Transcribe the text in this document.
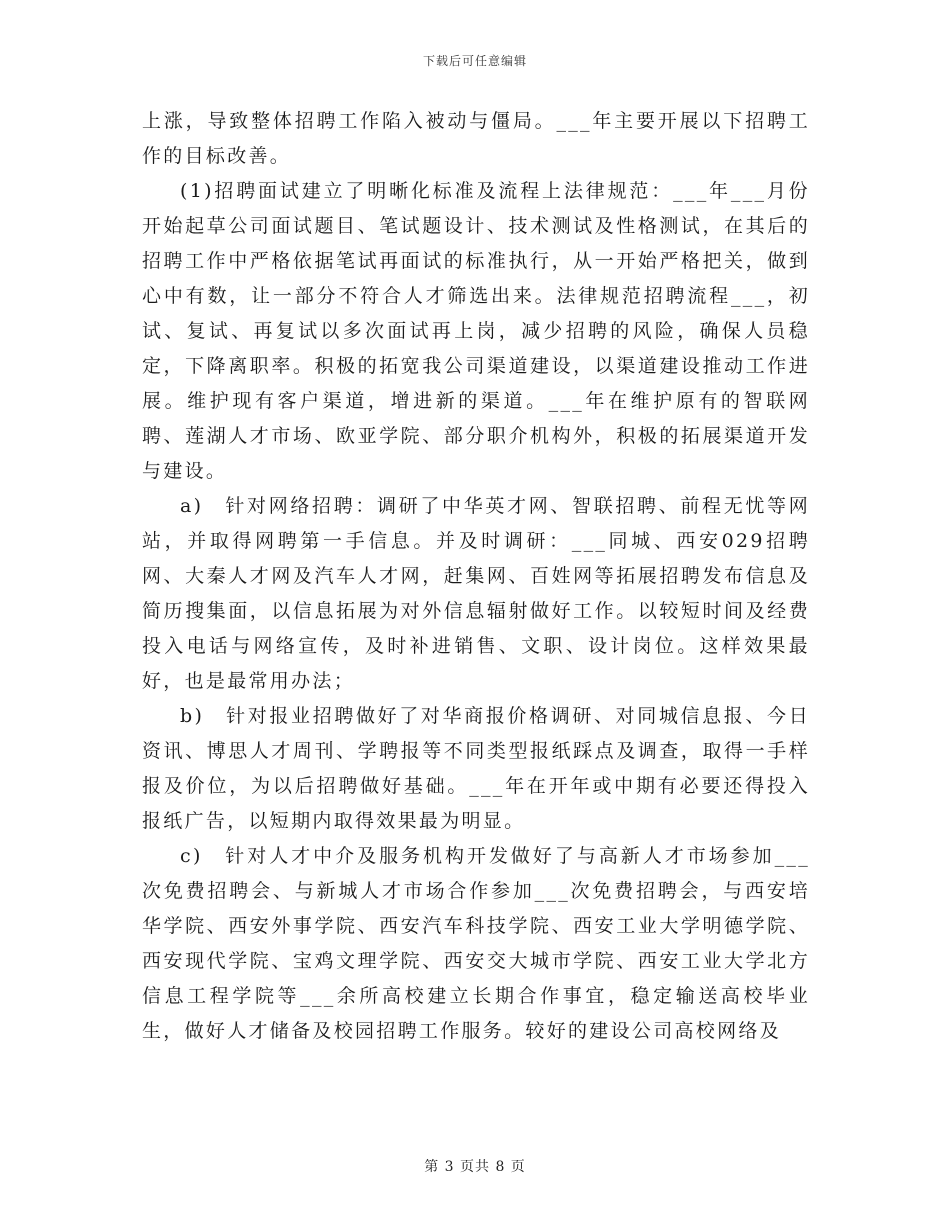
下载后可任意编辑

上涨，导致整体招聘工作陷入被动与僵局。___年主要开展以下招聘工作的目标改善。

(1)招聘面试建立了明晰化标准及流程上法律规范：___年___月份开始起草公司面试题目、笔试题设计、技术测试及性格测试，在其后的招聘工作中严格依据笔试再面试的标准执行，从一开始严格把关，做到心中有数，让一部分不符合人才筛选出来。法律规范招聘流程___，初试、复试、再复试以多次面试再上岗，减少招聘的风险，确保人员稳定，下降离职率。积极的拓宽我公司渠道建设，以渠道建设推动工作进展。维护现有客户渠道，增进新的渠道。___年在维护原有的智联网聘、莲湖人才市场、欧亚学院、部分职介机构外，积极的拓展渠道开发与建设。

a)　针对网络招聘：调研了中华英才网、智联招聘、前程无忧等网站，并取得网聘第一手信息。并及时调研：___同城、西安029招聘网、大秦人才网及汽车人才网，赶集网、百姓网等拓展招聘发布信息及简历搜集面，以信息拓展为对外信息辐射做好工作。以较短时间及经费投入电话与网络宣传，及时补进销售、文职、设计岗位。这样效果最好，也是最常用办法；

b)　针对报业招聘做好了对华商报价格调研、对同城信息报、今日资讯、博思人才周刊、学聘报等不同类型报纸踩点及调查，取得一手样报及价位，为以后招聘做好基础。___年在开年或中期有必要还得投入报纸广告，以短期内取得效果最为明显。

c)　针对人才中介及服务机构开发做好了与高新人才市场参加___次免费招聘会、与新城人才市场合作参加___次免费招聘会，与西安培华学院、西安外事学院、西安汽车科技学院、西安工业大学明德学院、西安现代学院、宝鸡文理学院、西安交大城市学院、西安工业大学北方信息工程学院等___余所高校建立长期合作事宜，稳定输送高校毕业生，做好人才储备及校园招聘工作服务。较好的建设公司高校网络及

第 3 页共 8 页
